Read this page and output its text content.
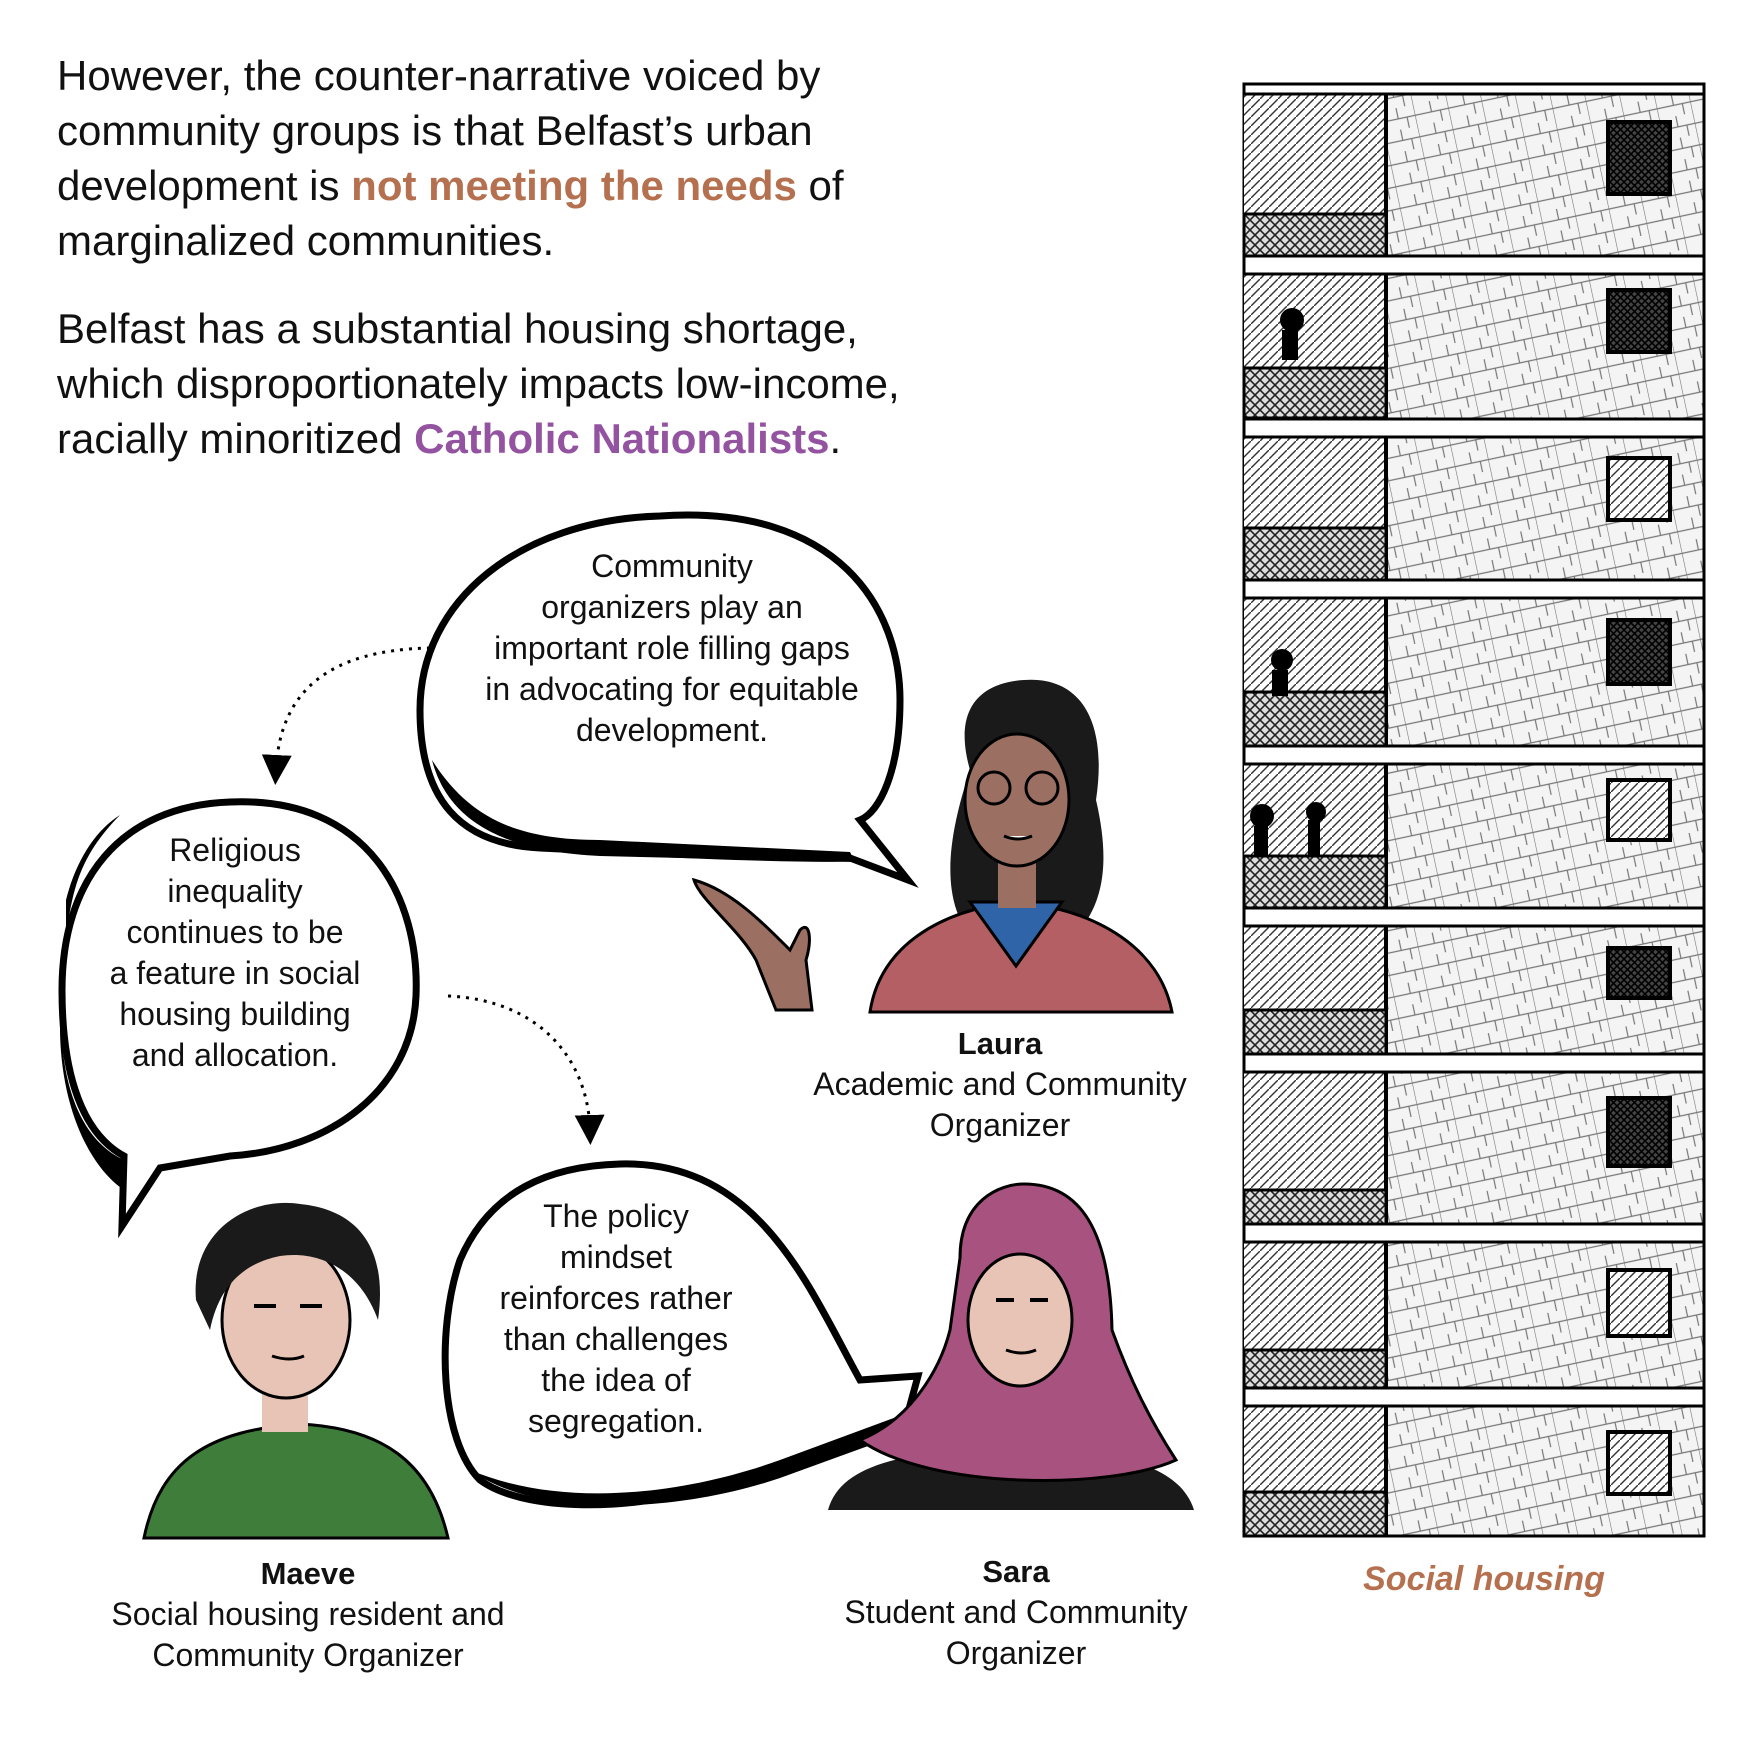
However, the counter-narrative voiced by community groups is that Belfast’s urban development is not meeting the needs of marginalized communities.

Belfast has a substantial housing shortage, which disproportionately impacts low-income, racially minoritized Catholic Nationalists.

Community
organizers play an
important role filling gaps
in advocating for equitable
development.
Religious
inequality
continues to be
a feature in social
housing building
and allocation.
The policy
mindset
reinforces rather
than challenges
the idea of
segregation.
Laura
Academic and Community
Organizer
Maeve
Social housing resident and
Community Organizer
Sara
Student and Community
Organizer
Social housing
